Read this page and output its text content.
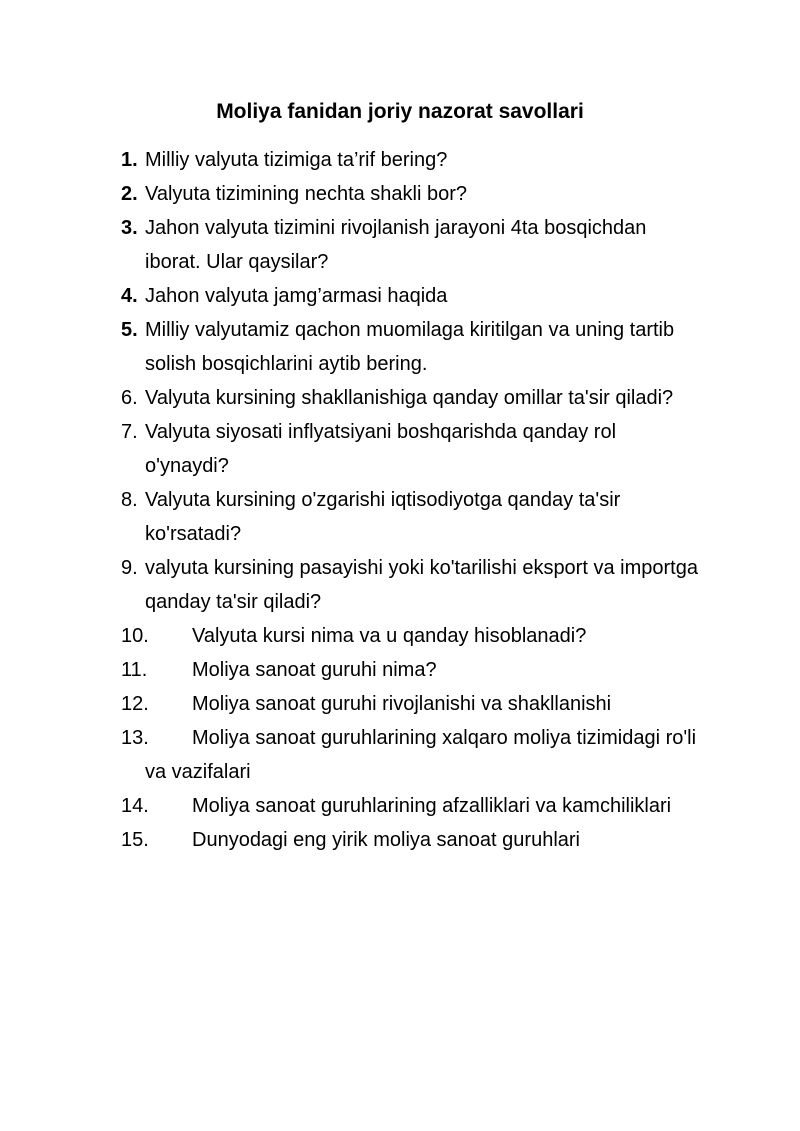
Moliya fanidan joriy nazorat savollari
1. Milliy valyuta tizimiga ta’rif bering?
2. Valyuta tizimining nechta shakli bor?
3. Jahon valyuta tizimini rivojlanish jarayoni 4ta bosqichdan iborat. Ular qaysilar?
4. Jahon valyuta jamg’armasi haqida
5. Milliy valyutamiz qachon muomilaga kiritilgan va uning tartib solish bosqichlarini aytib bering.
6. Valyuta kursining shakllanishiga qanday omillar ta'sir qiladi?
7. Valyuta siyosati inflyatsiyani boshqarishda qanday rol o'ynaydi?
8. Valyuta kursining o'zgarishi iqtisodiyotga qanday ta'sir ko'rsatadi?
9. valyuta kursining pasayishi yoki ko'tarilishi eksport va importga qanday ta'sir qiladi?
10. Valyuta kursi nima va u qanday hisoblanadi?
11. Moliya sanoat guruhi nima?
12. Moliya sanoat guruhi rivojlanishi va shakllanishi
13. Moliya sanoat guruhlarining xalqaro moliya tizimidagi ro'li va vazifalari
14. Moliya sanoat guruhlarining afzalliklari va kamchiliklari
15. Dunyodagi eng yirik moliya sanoat guruhlari
